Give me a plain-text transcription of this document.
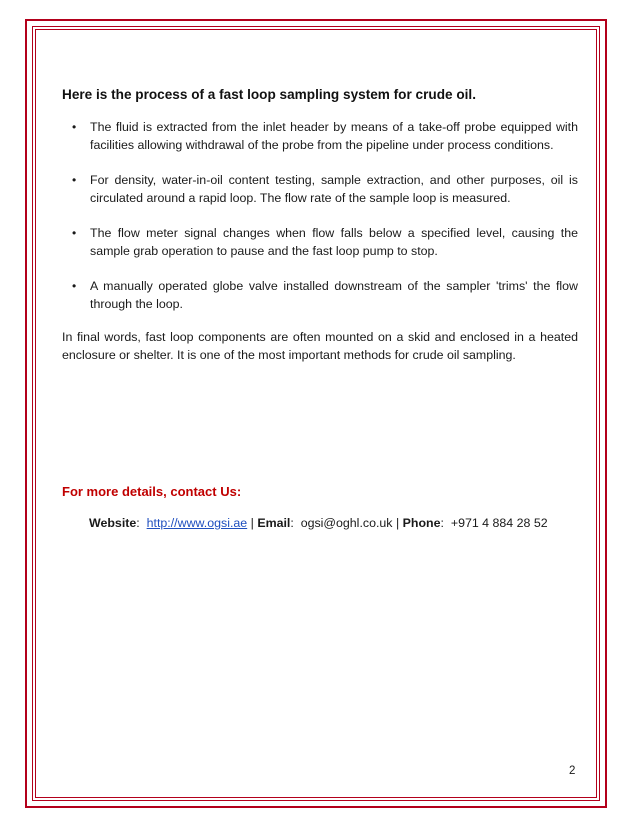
Here is the process of a fast loop sampling system for crude oil.

• The fluid is extracted from the inlet header by means of a take-off probe equipped with facilities allowing withdrawal of the probe from the pipeline under process conditions.
• For density, water-in-oil content testing, sample extraction, and other purposes, oil is circulated around a rapid loop. The flow rate of the sample loop is measured.
• The flow meter signal changes when flow falls below a specified level, causing the sample grab operation to pause and the fast loop pump to stop.
• A manually operated globe valve installed downstream of the sampler 'trims' the flow through the loop.

In final words, fast loop components are often mounted on a skid and enclosed in a heated enclosure or shelter. It is one of the most important methods for crude oil sampling.

For more details, contact Us:
Website:  http://www.ogsi.ae | Email:  ogsi@oghl.co.uk | Phone:  +971 4 884 28 52
2
